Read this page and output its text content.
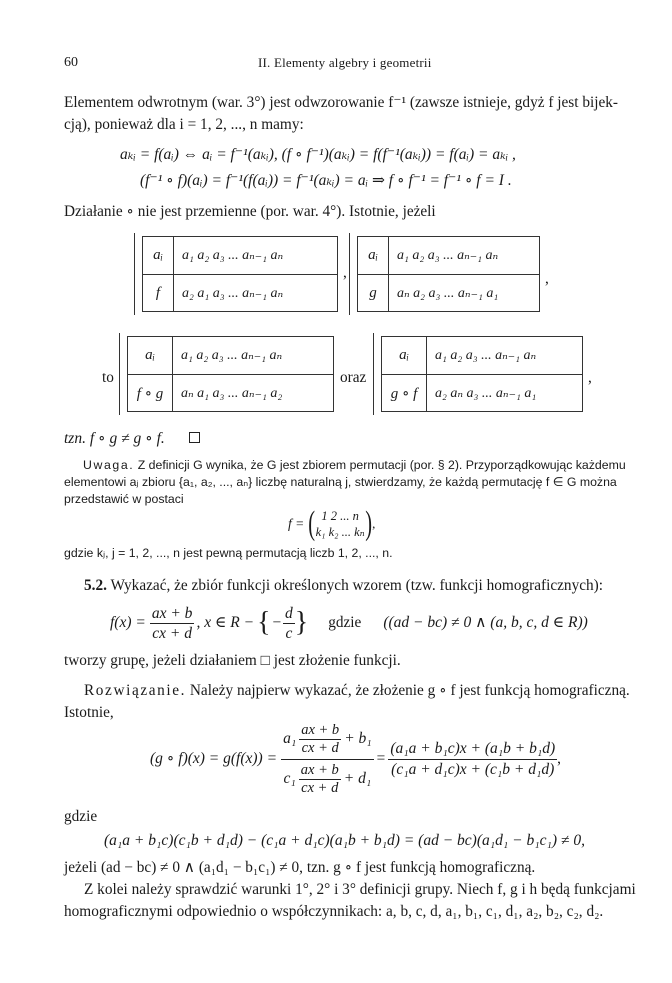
60	II. Elementy algebry i geometrii
Elementem odwrotnym (war. 3°) jest odwzorowanie f⁻¹ (zawsze istnieje, gdyż f jest bijek-
cją), ponieważ dla i = 1, 2, ..., n mamy:
aₖᵢ = f(aᵢ) ⇔ aᵢ = f⁻¹(aₖᵢ), (f ∘ f⁻¹)(aₖᵢ) = f(f⁻¹(aₖᵢ)) = f(aᵢ) = aₖᵢ ,
(f⁻¹ ∘ f)(aᵢ) = f⁻¹(f(aᵢ)) = f⁻¹(aₖᵢ) = aᵢ ⇒ f ∘ f⁻¹ = f⁻¹ ∘ f = I .
Działanie ∘ nie jest przemienne (por. war. 4°). Istotnie, jeżeli
aᵢ	a₁ a₂ a₃ ... aₙ₋₁ aₙ
f	a₂ a₁ a₃ ... aₙ₋₁ aₙ
,
aᵢ	a₁ a₂ a₃ ... aₙ₋₁ aₙ
g	aₙ a₂ a₃ ... aₙ₋₁ a₁
,
to
aᵢ	a₁ a₂ a₃ ... aₙ₋₁ aₙ
f ∘ g	aₙ a₁ a₃ ... aₙ₋₁ a₂
oraz
aᵢ	a₁ a₂ a₃ ... aₙ₋₁ aₙ
g ∘ f	a₂ aₙ a₃ ... aₙ₋₁ a₁
,
tzn. f ∘ g ≠ g ∘ f.
Uwaga. Z definicji G wynika, że G jest zbiorem permutacji (por. § 2). Przyporządkowując każdemu
elementowi aⱼ zbioru {a₁, a₂, ..., aₙ} liczbę naturalną j, stwierdzamy, że każdą permutację f ∈ G można
przedstawić w postaci
f = ( 1 2 ... n
k₁ k₂ ... kₙ ) ,
gdzie kⱼ, j = 1, 2, ..., n jest pewną permutacją liczb 1, 2, ..., n.
5.2. Wykazać, że zbiór funkcji określonych wzorem (tzw. funkcji homograficznych):
$f(x) = \frac{ax + b}{cx + d}$ , x ∈ R − { − $\frac{d}{c}$ } gdzie ((ad − bc) ≠ 0 ∧ (a, b, c, d ∈ R))
tworzy grupę, jeżeli działaniem □ jest złożenie funkcji.
Rozwiązanie. Należy najpierw wykazać, że złożenie g ∘ f jest funkcją homograficzną.
Istotnie,
(g ∘ f)(x) = g(f(x)) =
$a_1 \frac{ax + b}{cx + d} + b_1$
$c_1 \frac{ax + b}{cx + d} + d_1$
= $\frac{\text{(a₁a + b₁c)x + (a₁b + b₁d)}}{\text{(c₁a + d₁c)x + (c₁b + d₁d)}}$ ,
gdzie
(a₁a + b₁c)(c₁b + d₁d) − (c₁a + d₁c)(a₁b + b₁d) = (ad − bc)(a₁d₁ − b₁c₁) ≠ 0,
jeżeli (ad − bc) ≠ 0 ∧ (a₁d₁ − b₁c₁) ≠ 0, tzn. g ∘ f jest funkcją homograficzną.
Z kolei należy sprawdzić warunki 1°, 2° i 3° definicji grupy. Niech f, g i h będą funkcjami
homograficznymi odpowiednio o współczynnikach: a, b, c, d, a₁, b₁, c₁, d₁, a₂, b₂, c₂, d₂.
